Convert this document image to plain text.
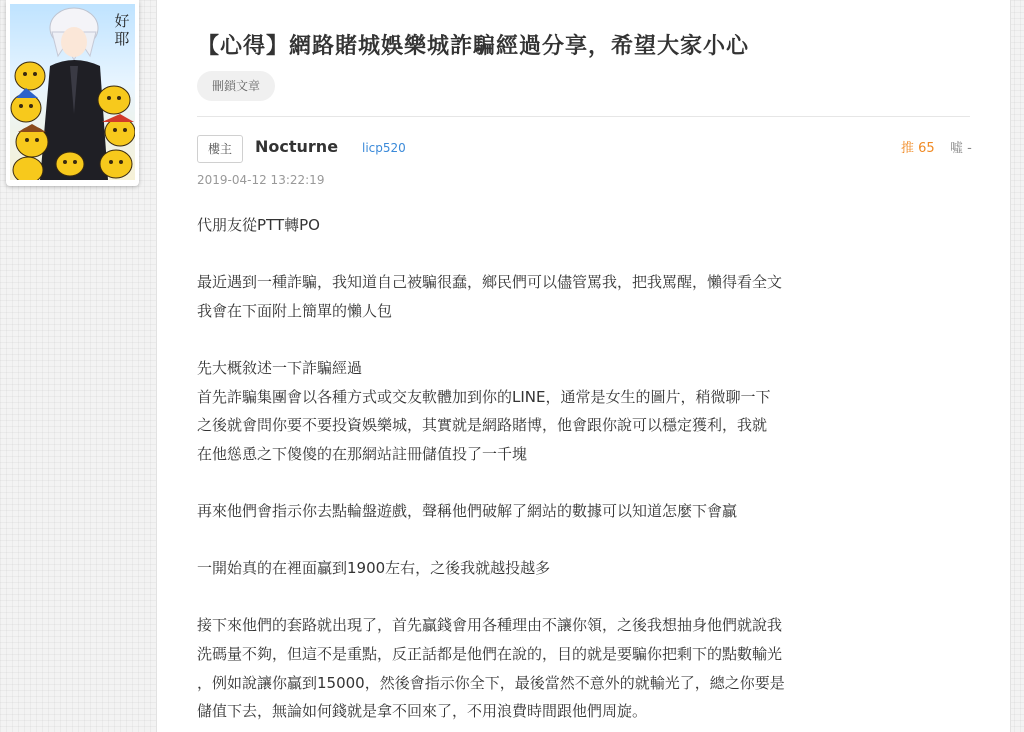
好耶	【心得】網路賭城娛樂城詐騙經過分享，希望大家小心
刪鎖文章
樓主	Nocturne licp520	推 65 噓 -
2019-04-12 13:22:19
代朋友從PTT轉PO
最近遇到一種詐騙，我知道自己被騙很蠢，鄉民們可以儘管罵我，把我罵醒，懶得看全文
我會在下面附上簡單的懶人包
先大概敘述一下詐騙經過
首先詐騙集團會以各種方式或交友軟體加到你的LINE，通常是女生的圖片，稍微聊一下
之後就會問你要不要投資娛樂城，其實就是網路賭博，他會跟你說可以穩定獲利，我就
在他慫恿之下傻傻的在那網站註冊儲值投了一千塊
再來他們會指示你去點輪盤遊戲，聲稱他們破解了網站的數據可以知道怎麼下會贏
一開始真的在裡面贏到1900左右，之後我就越投越多
接下來他們的套路就出現了，首先贏錢會用各種理由不讓你領，之後我想抽身他們就說我
洗碼量不夠，但這不是重點，反正話都是他們在說的，目的就是要騙你把剩下的點數輸光
，例如說讓你贏到15000，然後會指示你全下，最後當然不意外的就輸光了，總之你要是
儲值下去，無論如何錢就是拿不回來了，不用浪費時間跟他們周旋。
